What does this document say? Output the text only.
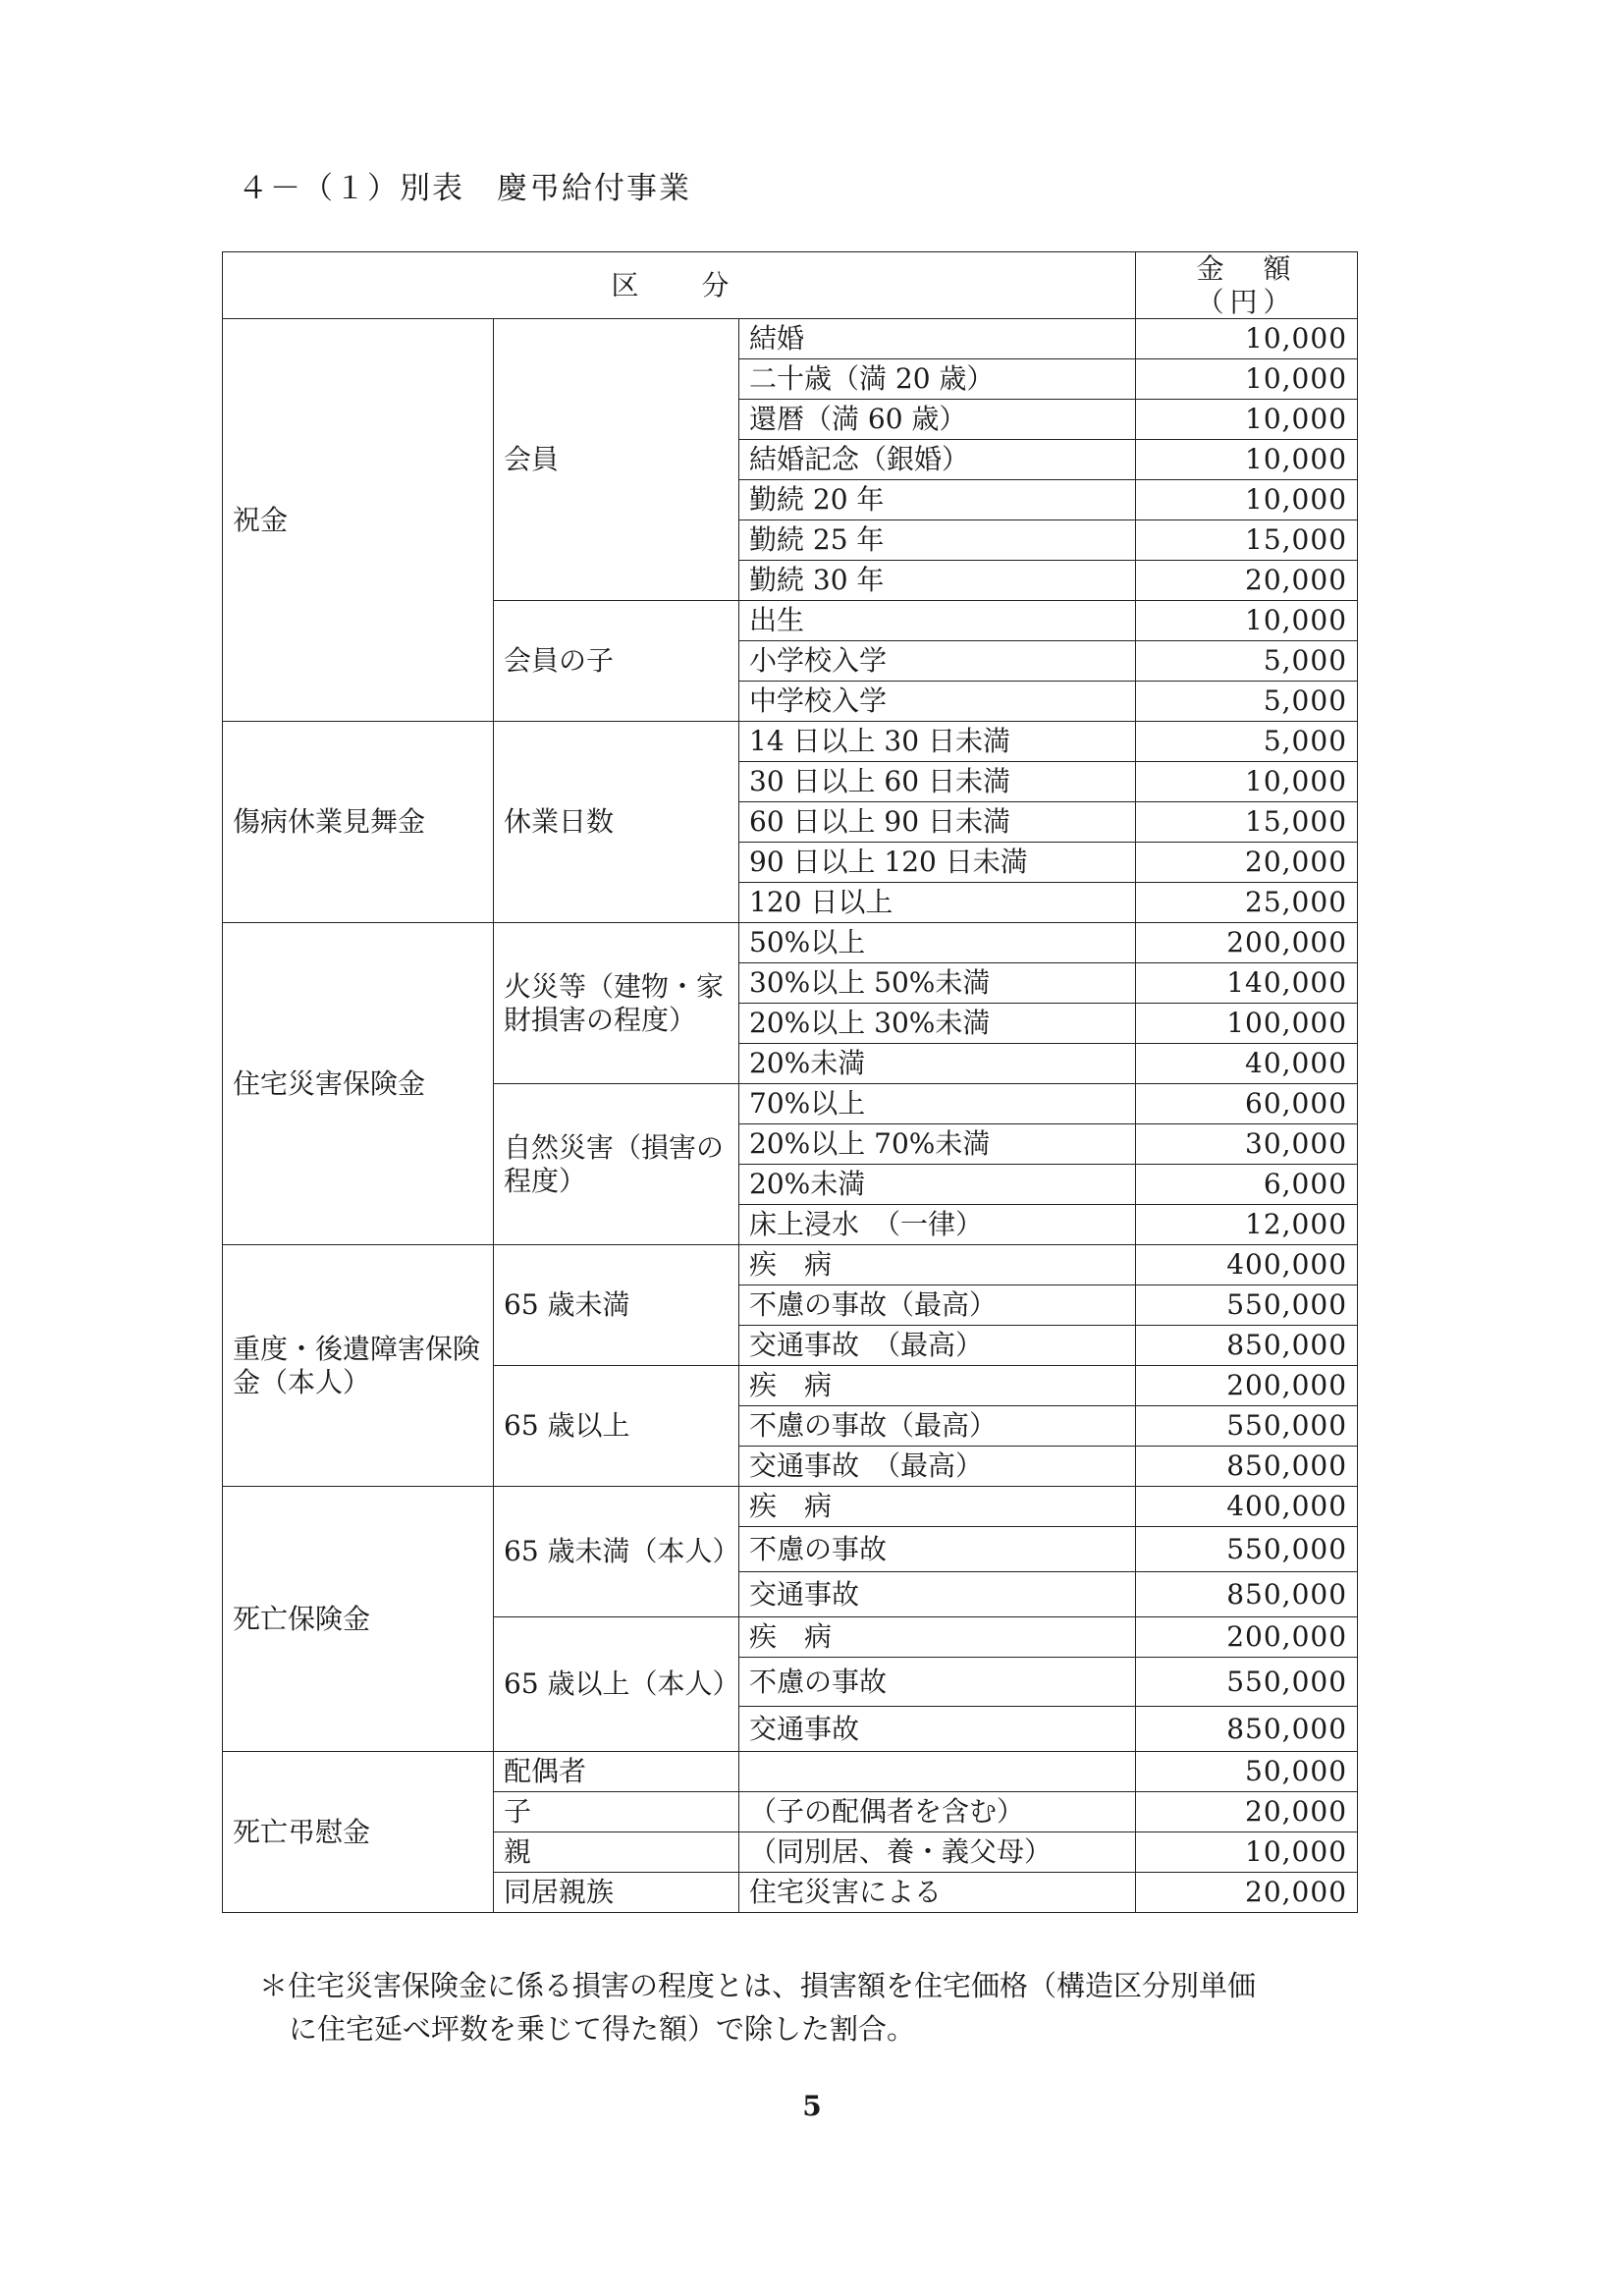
４－（１）別表　慶弔給付事業
区　分			金　額　（円）
祝金	会員	結婚	10,000
		二十歳（満 20 歳）	10,000
		還暦（満 60 歳）	10,000
		結婚記念（銀婚）	10,000
		勤続 20 年	10,000
		勤続 25 年	15,000
		勤続 30 年	20,000
	会員の子	出生	10,000
		小学校入学	5,000
		中学校入学	5,000
傷病休業見舞金	休業日数	14 日以上 30 日未満	5,000
		30 日以上 60 日未満	10,000
		60 日以上 90 日未満	15,000
		90 日以上 120 日未満	20,000
		120 日以上	25,000
住宅災害保険金	火災等（建物・家財損害の程度）	50%以上	200,000
		30%以上 50%未満	140,000
		20%以上 30%未満	100,000
		20%未満	40,000
	自然災害（損害の程度）	70%以上	60,000
		20%以上 70%未満	30,000
		20%未満	6,000
		床上浸水　（一律）	12,000
重度・後遺障害保険金（本人）	65 歳未満	疾　病	400,000
		不慮の事故（最高）	550,000
		交通事故　（最高）	850,000
	65 歳以上	疾　病	200,000
		不慮の事故（最高）	550,000
		交通事故　（最高）	850,000
死亡保険金	65 歳未満（本人）	疾　病	400,000
		不慮の事故	550,000
		交通事故	850,000
	65 歳以上（本人）	疾　病	200,000
		不慮の事故	550,000
		交通事故	850,000
死亡弔慰金	配偶者		50,000
	子	（子の配偶者を含む）	20,000
	親	（同別居、養・義父母）	10,000
	同居親族	住宅災害による	20,000
＊住宅災害保険金に係る損害の程度とは、損害額を住宅価格（構造区分別単価
に住宅延べ坪数を乗じて得た額）で除した割合。
5
